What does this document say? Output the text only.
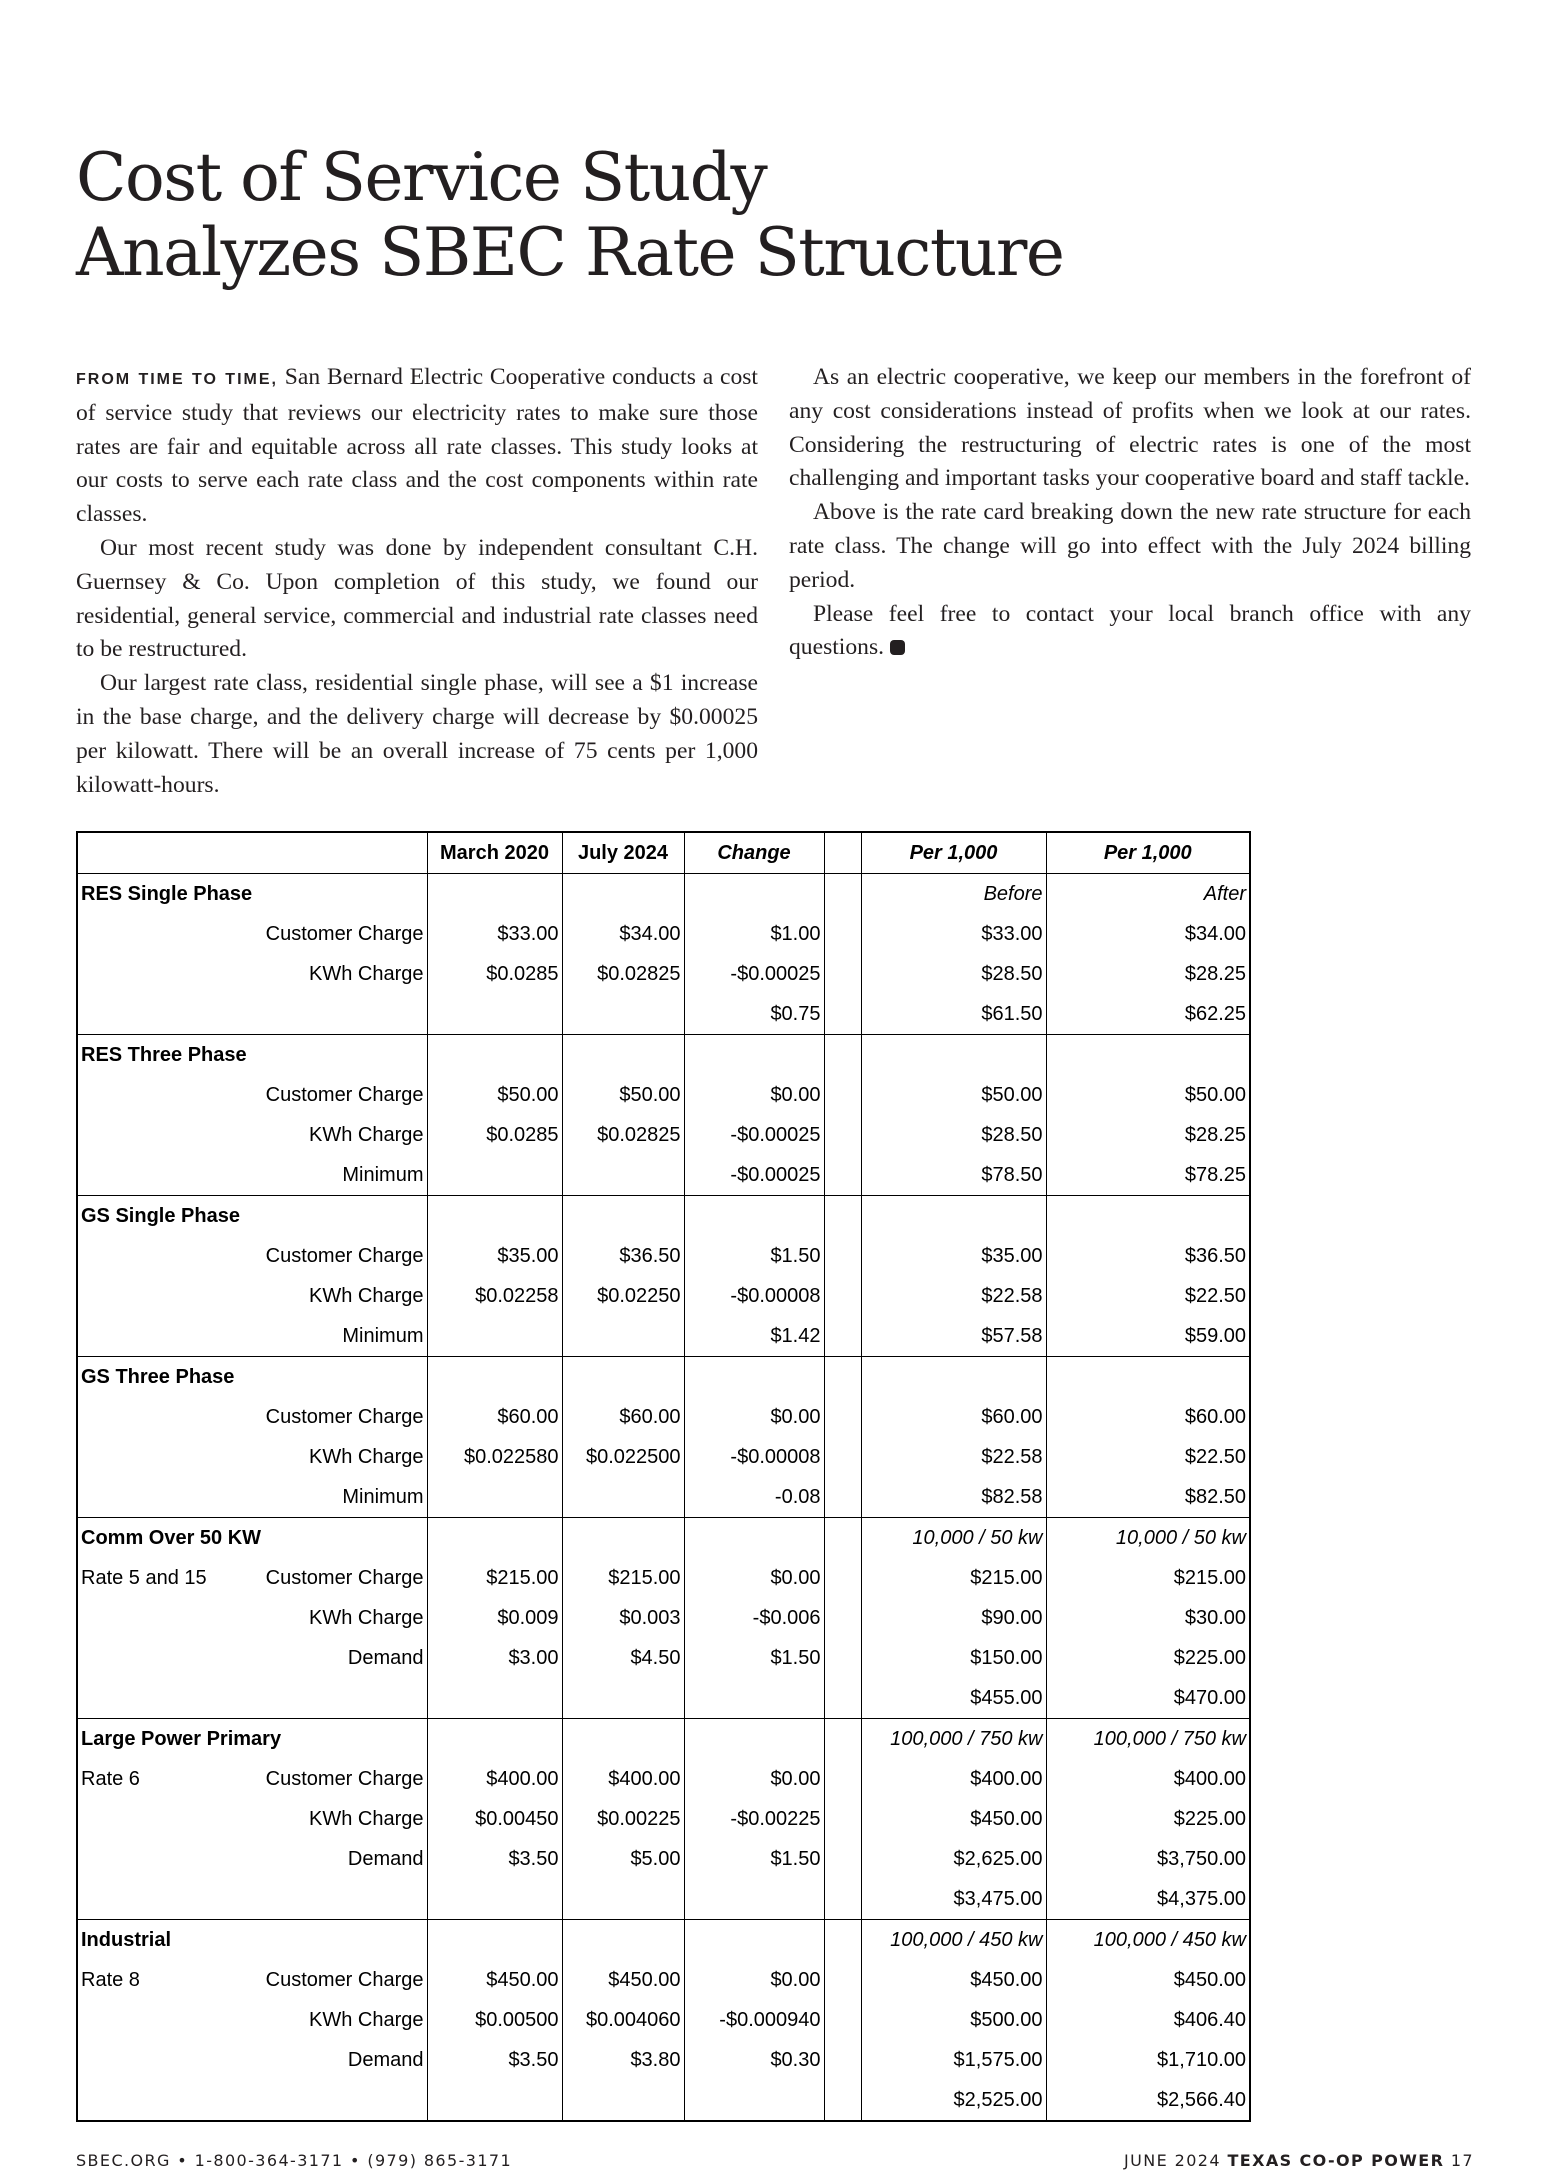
Cost of Service Study
Analyzes SBEC Rate Structure

FROM TIME TO TIME, San Bernard Electric Cooperative conducts a cost of service study that reviews our electricity rates to make sure those rates are fair and equitable across all rate classes. This study looks at our costs to serve each rate class and the cost components within rate classes.

Our most recent study was done by independent consultant C.H. Guernsey & Co. Upon completion of this study, we found our residential, general service, commercial and industrial rate classes need to be restructured.

Our largest rate class, residential single phase, will see a $1 increase in the base charge, and the delivery charge will decrease by $0.00025 per kilowatt. There will be an overall increase of 75 cents per 1,000 kilowatt-hours.

As an electric cooperative, we keep our members in the forefront of any cost considerations instead of profits when we look at our rates. Considering the restructuring of electric rates is one of the most challenging and important tasks your cooperative board and staff tackle.

Above is the rate card breaking down the new rate structure for each rate class. The change will go into effect with the July 2024 billing period.

Please feel free to contact your local branch office with any questions.

		March 2020	July 2024	Change		Per 1,000	Per 1,000
RES Single Phase						Before	After
	Customer Charge	$33.00	$34.00	$1.00		$33.00	$34.00
	KWh Charge	$0.0285	$0.02825	-$0.00025		$28.50	$28.25
				$0.75		$61.50	$62.25
RES Three Phase							
	Customer Charge	$50.00	$50.00	$0.00		$50.00	$50.00
	KWh Charge	$0.0285	$0.02825	-$0.00025		$28.50	$28.25
	Minimum			-$0.00025		$78.50	$78.25
GS Single Phase							
	Customer Charge	$35.00	$36.50	$1.50		$35.00	$36.50
	KWh Charge	$0.02258	$0.02250	-$0.00008		$22.58	$22.50
	Minimum			$1.42		$57.58	$59.00
GS Three Phase							
	Customer Charge	$60.00	$60.00	$0.00		$60.00	$60.00
	KWh Charge	$0.022580	$0.022500	-$0.00008		$22.58	$22.50
	Minimum			-0.08		$82.58	$82.50
Comm Over 50 KW						10,000 / 50 kw	10,000 / 50 kw
Rate 5 and 15	Customer Charge	$215.00	$215.00	$0.00		$215.00	$215.00
	KWh Charge	$0.009	$0.003	-$0.006		$90.00	$30.00
	Demand	$3.00	$4.50	$1.50		$150.00	$225.00
						$455.00	$470.00
Large Power Primary						100,000 / 750 kw	100,000 / 750 kw
Rate 6	Customer Charge	$400.00	$400.00	$0.00		$400.00	$400.00
	KWh Charge	$0.00450	$0.00225	-$0.00225		$450.00	$225.00
	Demand	$3.50	$5.00	$1.50		$2,625.00	$3,750.00
						$3,475.00	$4,375.00
Industrial						100,000 / 450 kw	100,000 / 450 kw
Rate 8	Customer Charge	$450.00	$450.00	$0.00		$450.00	$450.00
	KWh Charge	$0.00500	$0.004060	-$0.000940		$500.00	$406.40
	Demand	$3.50	$3.80	$0.30		$1,575.00	$1,710.00
						$2,525.00	$2,566.40
SBEC.ORG • 1-800-364-3171 • (979) 865-3171	JUNE 2024 TEXAS CO-OP POWER 17
